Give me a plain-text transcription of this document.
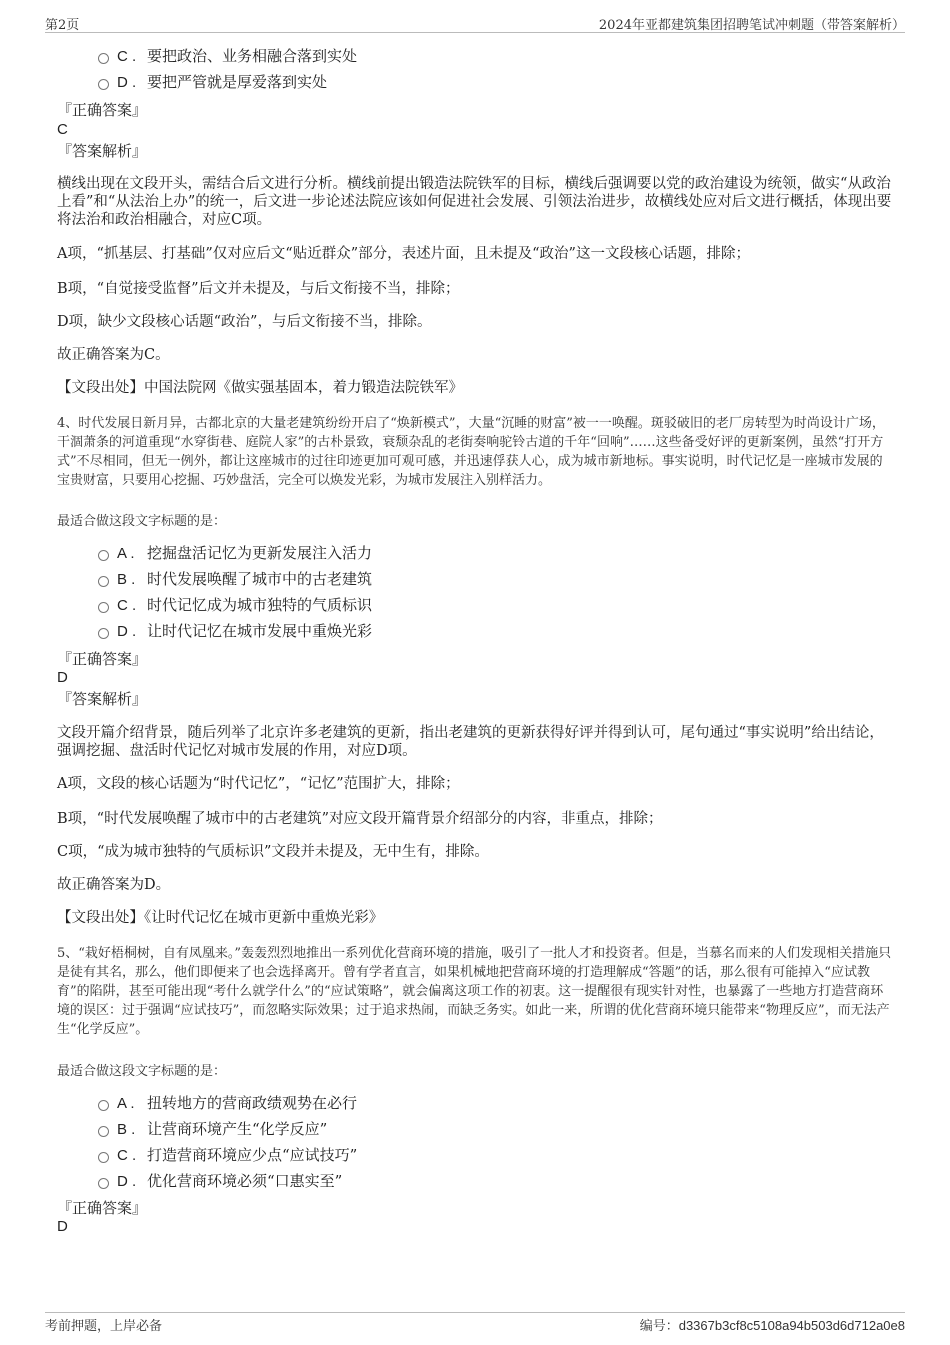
第2页	2024年亚都建筑集团招聘笔试冲刺题（带答案解析）
C . 要把政治、业务相融合落到实处
D . 要把严管就是厚爱落到实处
『正确答案』
C
『答案解析』
横线出现在文段开头，需结合后文进行分析。横线前提出锻造法院铁军的目标，横线后强调要以党的政治建设为统领，做实“从政治上看”和“从法治上办”的统一，后文进一步论述法院应该如何促进社会发展、引领法治进步，故横线处应对后文进行概括，体现出要将法治和政治相融合，对应C项。
A项，“抓基层、打基础”仅对应后文“贴近群众”部分，表述片面，且未提及“政治”这一文段核心话题，排除；
B项，“自觉接受监督”后文并未提及，与后文衔接不当，排除；
D项，缺少文段核心话题“政治”，与后文衔接不当，排除。
故正确答案为C。
【文段出处】中国法院网《做实强基固本，着力锻造法院铁军》
4、时代发展日新月异，古都北京的大量老建筑纷纷开启了“焕新模式”，大量“沉睡的财富”被一一唤醒。斑驳破旧的老厂房转型为时尚设计广场，干涸萧条的河道重现“水穿街巷、庭院人家”的古朴景致，衰颓杂乱的老街奏响驼铃古道的千年“回响”……这些备受好评的更新案例，虽然“打开方式”不尽相同，但无一例外，都让这座城市的过往印迹更加可观可感，并迅速俘获人心，成为城市新地标。事实说明，时代记忆是一座城市发展的宝贵财富，只要用心挖掘、巧妙盘活，完全可以焕发光彩，为城市发展注入别样活力。
最适合做这段文字标题的是：
A . 挖掘盘活记忆为更新发展注入活力
B . 时代发展唤醒了城市中的古老建筑
C . 时代记忆成为城市独特的气质标识
D . 让时代记忆在城市发展中重焕光彩
『正确答案』
D
『答案解析』
文段开篇介绍背景，随后列举了北京许多老建筑的更新，指出老建筑的更新获得好评并得到认可，尾句通过“事实说明”给出结论，强调挖掘、盘活时代记忆对城市发展的作用，对应D项。
A项，文段的核心话题为“时代记忆”，“记忆”范围扩大，排除；
B项，“时代发展唤醒了城市中的古老建筑”对应文段开篇背景介绍部分的内容，非重点，排除；
C项，“成为城市独特的气质标识”文段并未提及，无中生有，排除。
故正确答案为D。
【文段出处】《让时代记忆在城市更新中重焕光彩》
5、“栽好梧桐树，自有凤凰来。”轰轰烈烈地推出一系列优化营商环境的措施，吸引了一批人才和投资者。但是，当慕名而来的人们发现相关措施只是徒有其名，那么，他们即便来了也会选择离开。曾有学者直言，如果机械地把营商环境的打造理解成“答题”的话，那么很有可能掉入“应试教育”的陷阱，甚至可能出现“考什么就学什么”的“应试策略”，就会偏离这项工作的初衷。这一提醒很有现实针对性，也暴露了一些地方打造营商环境的误区：过于强调“应试技巧”，而忽略实际效果；过于追求热闹，而缺乏务实。如此一来，所谓的优化营商环境只能带来“物理反应”，而无法产生“化学反应”。
最适合做这段文字标题的是：
A . 扭转地方的营商政绩观势在必行
B . 让营商环境产生“化学反应”
C . 打造营商环境应少点“应试技巧”
D . 优化营商环境必须“口惠实至”
『正确答案』
D
考前押题，上岸必备	编号：d3367b3cf8c5108a94b503d6d712a0e8
